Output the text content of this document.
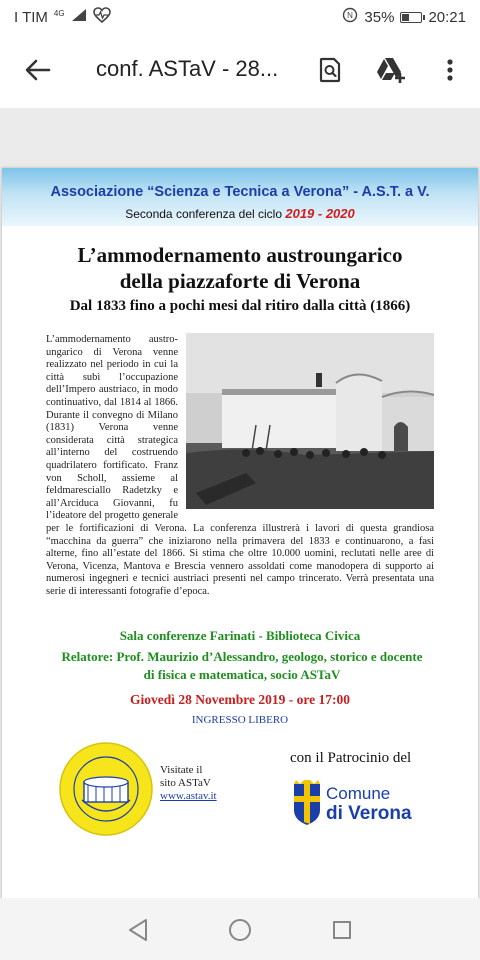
I TIM 4G	N 35% 20:21
conf. ASTaV - 28...
Associazione “Scienza e Tecnica a Verona” - A.S.T. a V.
Seconda conferenza del ciclo 2019 - 2020
L’ammodernamento austroungarico
della piazzaforte di Verona
Dal 1833 fino a pochi mesi dal ritiro dalla città (1866)
L’ammodernamento austro-ungarico di Verona venne realizzato nel periodo in cui la città subì l’occupazione dell’Impero austriaco, in modo continuativo, dal 1814 al 1866. Durante il convegno di Milano (1831) Verona venne considerata città strategica all’interno del costruendo quadrilatero fortificato. Franz von Scholl, assieme al feldmaresciallo Radetzky e all’Arciduca Giovanni, fu l’ideatore del progetto generale per le fortificazioni di Verona. La conferenza illustrerà i lavori di questa grandiosa “macchina da guerra” che iniziarono nella primavera del 1833 e continuarono, a fasi alterne, fino all’estate del 1866. Si stima che oltre 10.000 uomini, reclutati nelle aree di Verona, Vicenza, Mantova e Brescia vennero assoldati come manodopera di supporto ai numerosi ingegneri e tecnici austriaci presenti nel campo trincerato. Verrà presentata una serie di interessanti fotografie d’epoca.
Sala conferenze Farinati - Biblioteca Civica
Relatore: Prof. Maurizio d’Alessandro, geologo, storico e docente
di fisica e matematica, socio ASTaV
Giovedì 28 Novembre 2019 - ore 17:00
INGRESSO LIBERO
Visitate il
sito ASTaV
www.astav.it
con il Patrocinio del
Comune
di Verona
